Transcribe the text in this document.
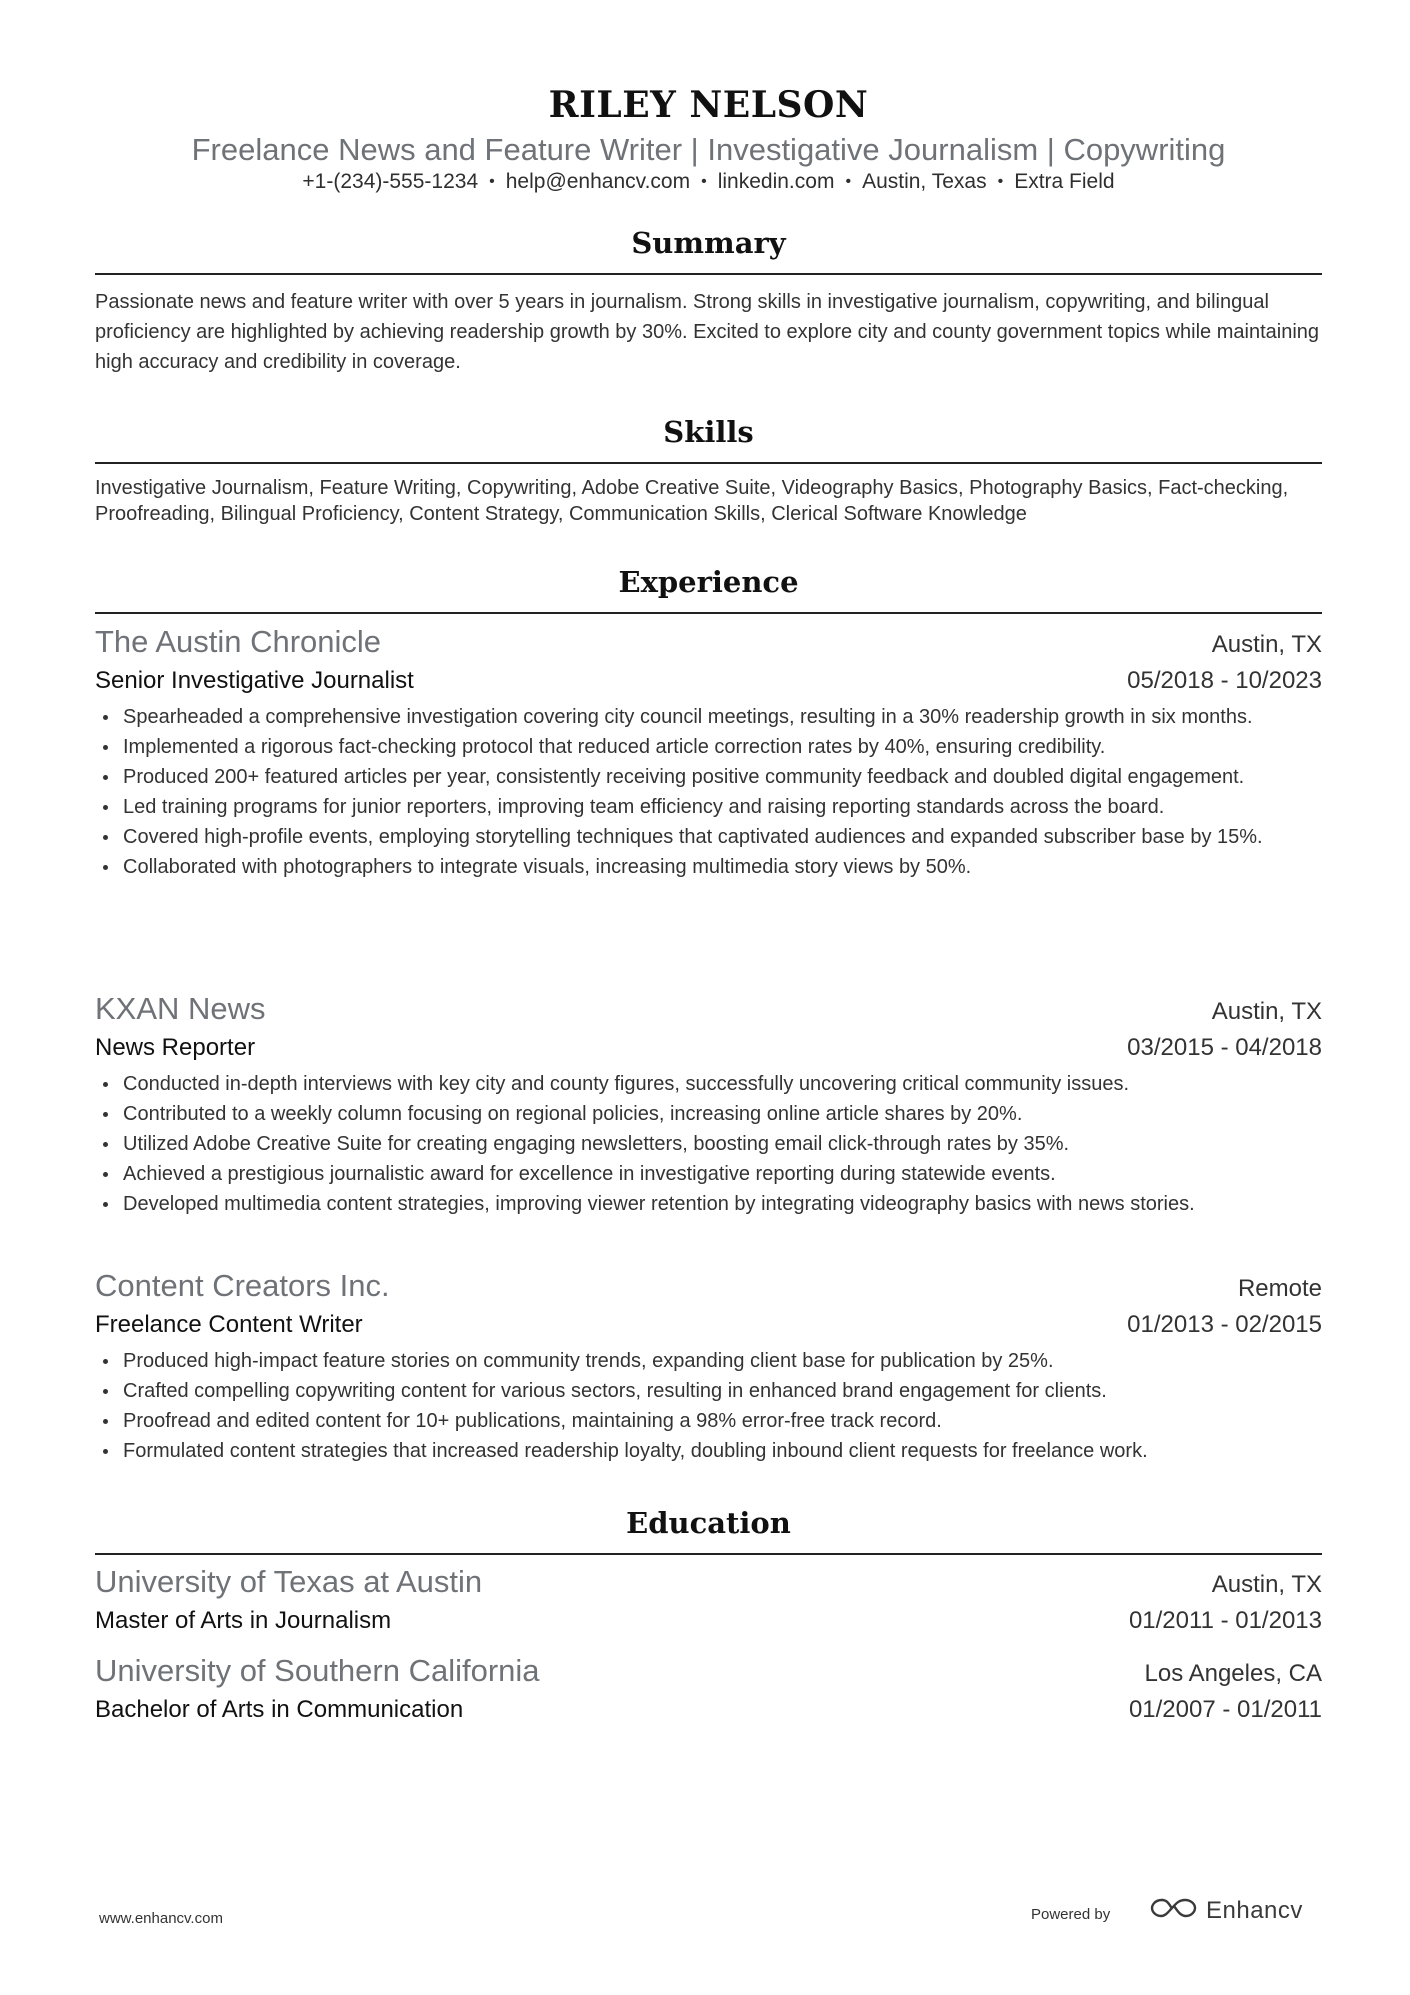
RILEY NELSON

Freelance News and Feature Writer | Investigative Journalism | Copywriting

+1-(234)-555-1234 • help@enhancv.com • linkedin.com • Austin, Texas • Extra Field

Summary

Passionate news and feature writer with over 5 years in journalism. Strong skills in investigative journalism, copywriting, and bilingual proficiency are highlighted by achieving readership growth by 30%. Excited to explore city and county government topics while maintaining high accuracy and credibility in coverage.

Skills

Investigative Journalism, Feature Writing, Copywriting, Adobe Creative Suite, Videography Basics, Photography Basics, Fact-checking, Proofreading, Bilingual Proficiency, Content Strategy, Communication Skills, Clerical Software Knowledge

Experience
The Austin Chronicle	Austin, TX
Senior Investigative Journalist	05/2018 - 10/2023
Spearheaded a comprehensive investigation covering city council meetings, resulting in a 30% readership growth in six months.
Implemented a rigorous fact-checking protocol that reduced article correction rates by 40%, ensuring credibility.
Produced 200+ featured articles per year, consistently receiving positive community feedback and doubled digital engagement.
Led training programs for junior reporters, improving team efficiency and raising reporting standards across the board.
Covered high-profile events, employing storytelling techniques that captivated audiences and expanded subscriber base by 15%.
Collaborated with photographers to integrate visuals, increasing multimedia story views by 50%.
KXAN News	Austin, TX
News Reporter	03/2015 - 04/2018
Conducted in-depth interviews with key city and county figures, successfully uncovering critical community issues.
Contributed to a weekly column focusing on regional policies, increasing online article shares by 20%.
Utilized Adobe Creative Suite for creating engaging newsletters, boosting email click-through rates by 35%.
Achieved a prestigious journalistic award for excellence in investigative reporting during statewide events.
Developed multimedia content strategies, improving viewer retention by integrating videography basics with news stories.
Content Creators Inc.	Remote
Freelance Content Writer	01/2013 - 02/2015
Produced high-impact feature stories on community trends, expanding client base for publication by 25%.
Crafted compelling copywriting content for various sectors, resulting in enhanced brand engagement for clients.
Proofread and edited content for 10+ publications, maintaining a 98% error-free track record.
Formulated content strategies that increased readership loyalty, doubling inbound client requests for freelance work.
Education
University of Texas at Austin	Austin, TX
Master of Arts in Journalism	01/2011 - 01/2013
University of Southern California	Los Angeles, CA
Bachelor of Arts in Communication	01/2007 - 01/2011

www.enhancv.com	Powered by	Enhancv
